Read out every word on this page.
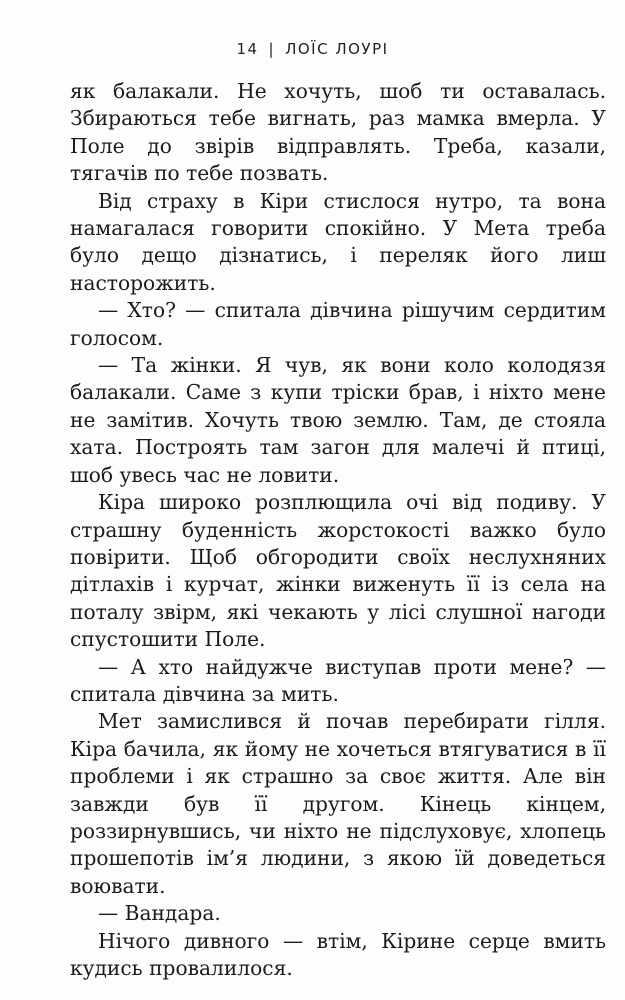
14 | ЛОЇС ЛОУРІ

як балакали. Не хочуть, шоб ти оставалась. Збираються тебе вигнать, раз мамка вмерла. У Поле до звірів відправлять. Треба, казали, тягачів по тебе позвать.

Від страху в Кіри стислося нутро, та вона намагалася говорити спокійно. У Мета треба було дещо дізнатись, і переляк його лиш насторожить.

— Хто? — спитала дівчина рішучим сердитим голосом.

— Та жінки. Я чув, як вони коло колодязя балакали. Саме з купи тріски брав, і ніхто мене не замітив. Хочуть твою землю. Там, де стояла хата. Построять там загон для малечі й птиці, шоб увесь час не ловити.

Кіра широко розплющила очі від подиву. У страшну буденність жорстокості важко було повірити. Щоб обгородити своїх неслухняних дітлахів і курчат, жінки виженуть її із села на поталу звірм, які чекають у лісі слушної нагоди спустошити Поле.

— А хто найдужче виступав проти мене? — спитала дівчина за мить.

Мет замислився й почав перебирати гілля. Кіра бачила, як йому не хочеться втягуватися в її проблеми і як страшно за своє життя. Але він завжди був її другом. Кінець кінцем, роззирнувшись, чи ніхто не підслуховує, хлопець прошепотів ім’я людини, з якою їй доведеться воювати.

— Вандара.

Нічого дивного — втім, Кірине серце вмить кудись провалилося.
